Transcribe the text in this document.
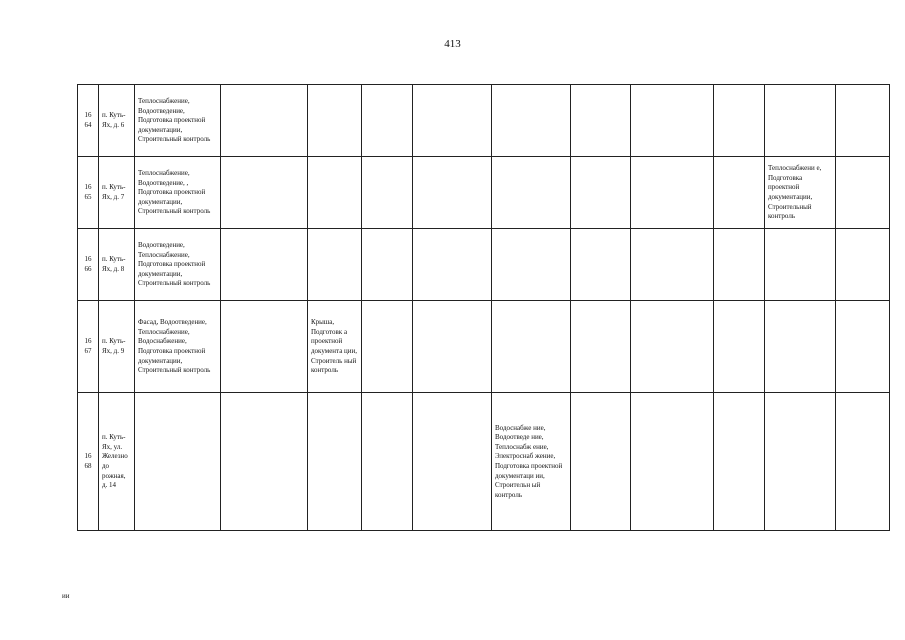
413
16
64	п. Куть-Ях, д. 6	Теплоснабжение, Водоотведение, Подготовка проектной документации, Строительный контроль										

16
65	п. Куть-Ях, д. 7	Теплоснабжение, Водоотведение, , Подготовка проектной документации, Строительный контроль									Теплоснабжени е, Подготовка проектной документации, Строительный контроль	

16
66	п. Куть-Ях, д. 8	Водоотведение, Теплоснабжение, Подготовка проектной документации, Строительный контроль										

16
67	п. Куть-Ях, д. 9	Фасад, Водоотведение, Теплоснабжение, Водоснабжение, Подготовка проектной документации, Строительный контроль		Крыша, Подготовк а проектной документа ции, Строитель ный контроль								

16
68	п. Куть-Ях, ул. Железнодо рожная, д. 14						Водоснабже ние, Водоотведе ние, Теплоснабж ение, Электроснаб жение, Подготовка проектной документаци ии, Строительн ый контроль					

ии
